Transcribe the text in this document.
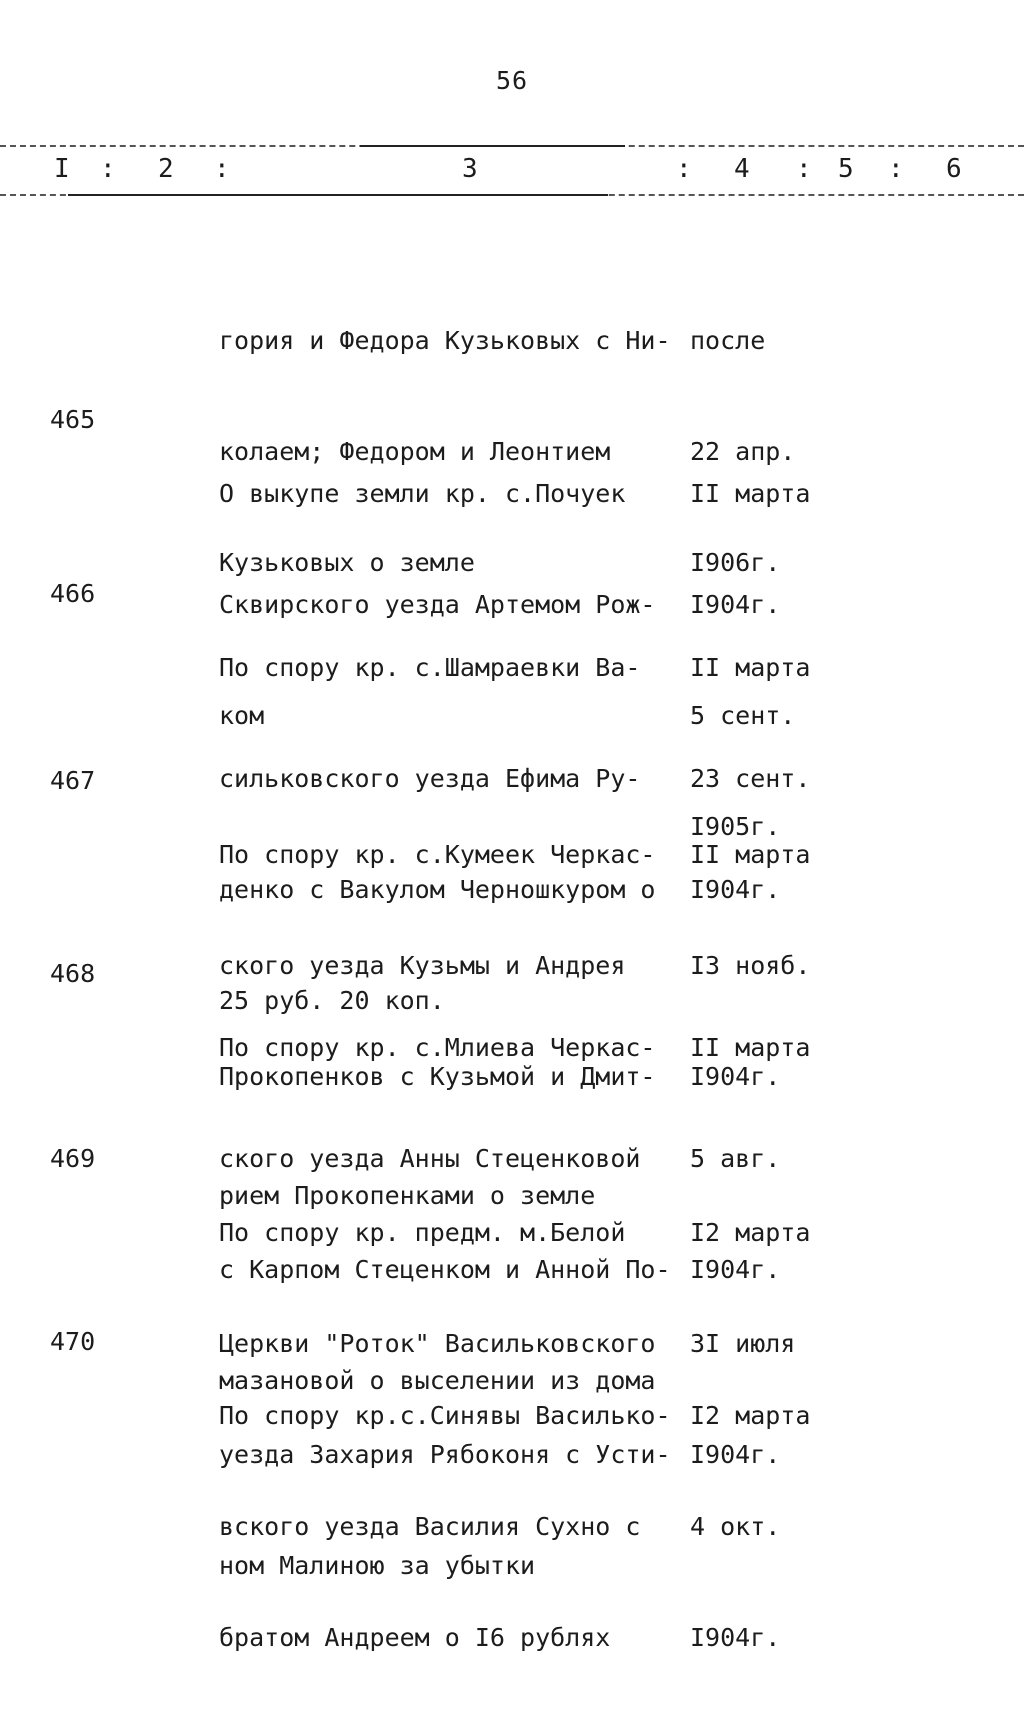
56
I : 2 :	3	: 4 : 5 : 6

гория и Федора Кузьковых с Ни-

колаем; Федором и Леонтием

Кузьковых о земле

после

22 апр.

I906г.

465

О выкупе земли кр. с.Почуек

Сквирского уезда Артемом Рож-

ком

II марта

I904г.

5 сент.

I905г.

466

По спору кр. с.Шамраевки Ва-

сильковского уезда Ефима Ру-

денко с Вакулом Черношкуром о

25 руб. 20 коп.

II марта

23 сент.

I904г.

467

По спору кр. с.Кумеек Черкас-

ского уезда Кузьмы и Андрея

Прокопенков с Кузьмой и Дмит-

рием Прокопенками о земле

II марта

I3 нояб.

I904г.

468

По спору кр. с.Млиева Черкас-

ского уезда Анны Стеценковой

с Карпом Стеценком и Анной По-

мазановой о выселении из дома

II марта

5 авг.

I904г.

469

По спору кр. предм. м.Белой

Церкви "Роток" Васильковского

уезда Захария Рябоконя с Усти-

ном Малиною за убытки

I2 марта

3I июля

I904г.

470

По спору кр.с.Синявы Василько-

вского уезда Василия Сухно с

братом Андреем о I6 рублях

I2 марта

4 окт.

I904г.
